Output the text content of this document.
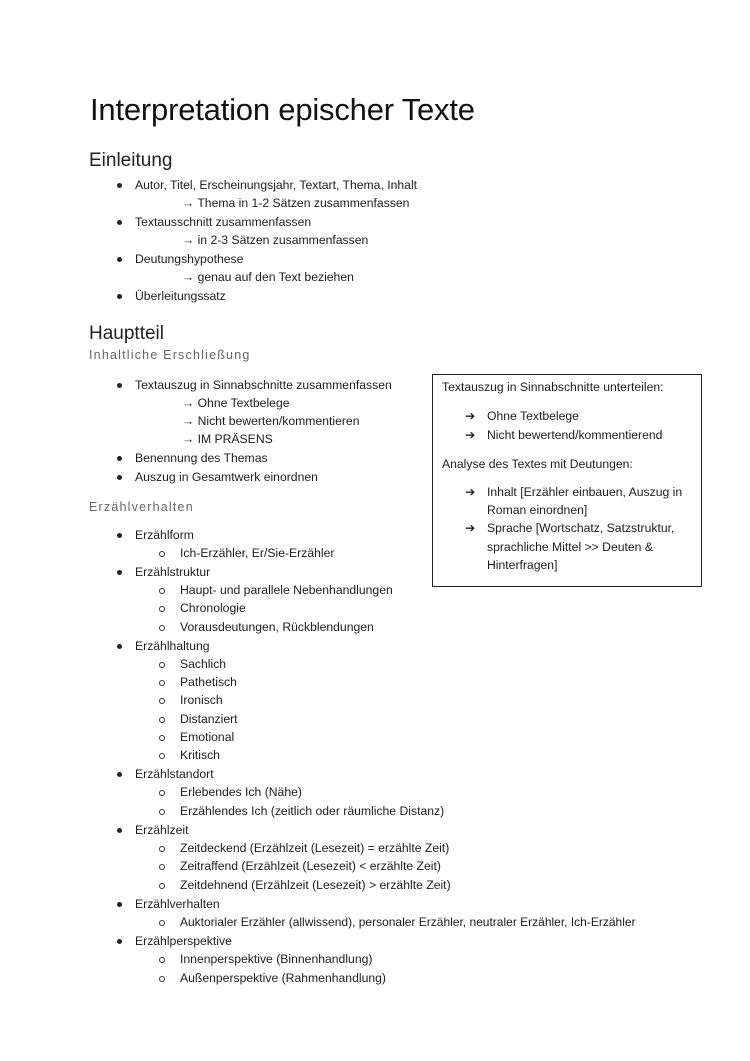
Interpretation epischer Texte
Einleitung
Autor, Titel, Erscheinungsjahr, Textart, Thema, Inhalt
→ Thema in 1-2 Sätzen zusammenfassen
Textausschnitt zusammenfassen
→ in 2-3 Sätzen zusammenfassen
Deutungshypothese
→ genau auf den Text beziehen
Überleitungssatz
Hauptteil
Inhaltliche Erschließung
Textauszug in Sinnabschnitte zusammenfassen
→ Ohne Textbelege
→ Nicht bewerten/kommentieren
→ IM PRÄSENS
Benennung des Themas
Auszug in Gesamtwerk einordnen
Erzählverhalten
Erzählform
Ich-Erzähler, Er/Sie-Erzähler
Erzählstruktur
Haupt- und parallele Nebenhandlungen
Chronologie
Vorausdeutungen, Rückblendungen
Erzählhaltung
Sachlich
Pathetisch
Ironisch
Distanziert
Emotional
Kritisch
Erzählstandort
Erlebendes Ich (Nähe)
Erzählendes Ich (zeitlich oder räumliche Distanz)
Erzählzeit
Zeitdeckend (Erzählzeit (Lesezeit) = erzählte Zeit)
Zeitraffend (Erzählzeit (Lesezeit) < erzählte Zeit)
Zeitdehnend (Erzählzeit (Lesezeit) > erzählte Zeit)
Erzählverhalten
Auktorialer Erzähler (allwissend), personaler Erzähler, neutraler Erzähler, Ich-Erzähler
Erzählperspektive
Innenperspektive (Binnenhandlung)
Außenperspektive (Rahmenhandlung)
Textauszug in Sinnabschnitte unterteilen:
➔ Ohne Textbelege
➔ Nicht bewertend/kommentierend
Analyse des Textes mit Deutungen:
➔ Inhalt [Erzähler einbauen, Auszug in
Roman einordnen]
➔ Sprache [Wortschatz, Satzstruktur,
sprachliche Mittel >> Deuten &
Hinterfragen]
